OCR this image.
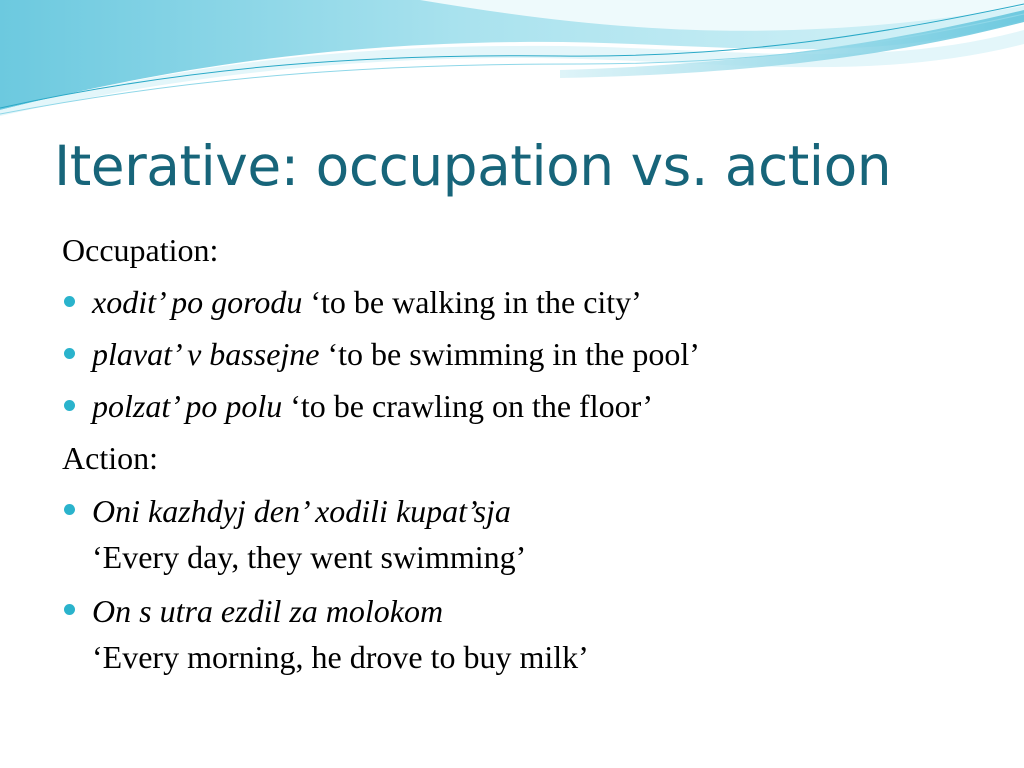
Iterative: occupation vs. action
Occupation:
xodit’ po gorodu ‘to be walking in the city’
plavat’ v bassejne ‘to be swimming in the pool’
polzat’ po polu ‘to be crawling on the floor’
Action:
Oni kazhdyj den’ xodili kupat’sja
‘Every day, they went swimming’
On s utra ezdil za molokom
‘Every morning, he drove to buy milk’
